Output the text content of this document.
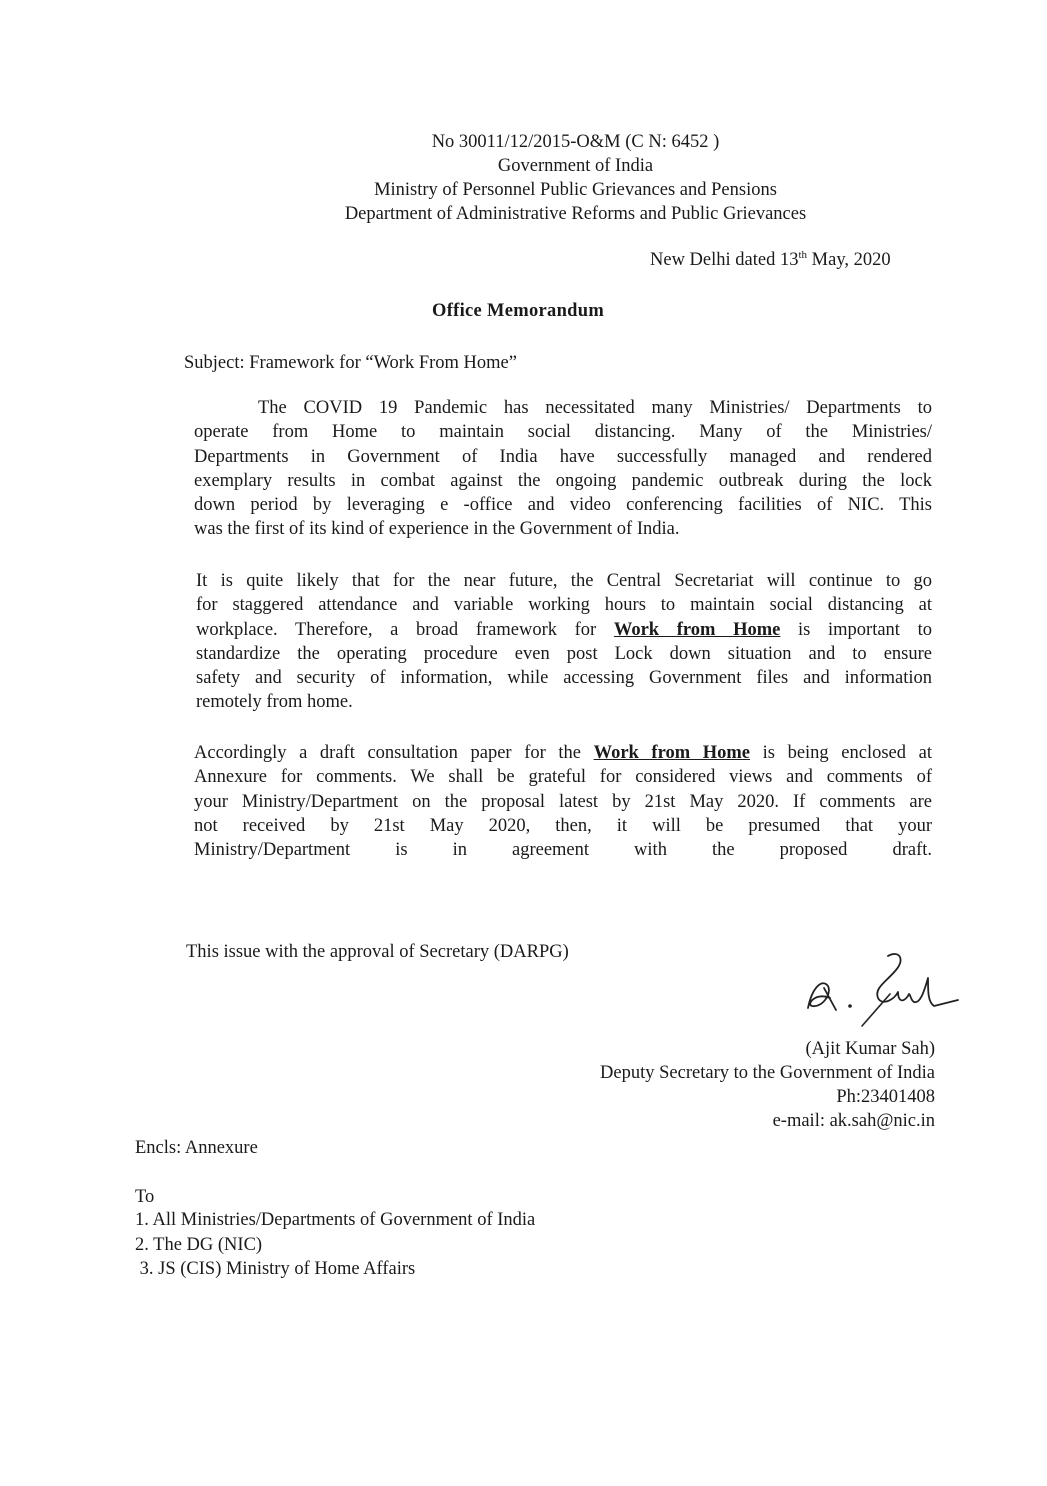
No 30011/12/2015-O&M (C N: 6452 )
Government of India
Ministry of Personnel Public Grievances and Pensions
Department of Administrative Reforms and Public Grievances
New Delhi dated 13th May, 2020
Office Memorandum
Subject: Framework for “Work From Home”
The COVID 19 Pandemic has necessitated many Ministries/ Departments to
operate from Home to maintain social distancing. Many of the Ministries/
Departments in Government of India have successfully managed and rendered
exemplary results in combat against the ongoing pandemic outbreak during the lock
down period by leveraging e -office and video conferencing facilities of NIC. This
was the first of its kind of experience in the Government of India.
It is quite likely that for the near future, the Central Secretariat will continue to go
for staggered attendance and variable working hours to maintain social distancing at
workplace. Therefore, a broad framework for Work from Home is important to
standardize the operating procedure even post Lock down situation and to ensure
safety and security of information, while accessing Government files and information
remotely from home.
Accordingly a draft consultation paper for the Work from Home is being enclosed at
Annexure for comments. We shall be grateful for considered views and comments of
your Ministry/Department on the proposal latest by 21st May 2020. If comments are
not received by 21st May 2020, then, it will be presumed that your
Ministry/Department is in agreement with the proposed draft.
This issue with the approval of Secretary (DARPG)
(Ajit Kumar Sah)
Deputy Secretary to the Government of India
Ph:23401408
e-mail: ak.sah@nic.in
Encls: Annexure
To
1. All Ministries/Departments of Government of India
2. The DG (NIC)
3. JS (CIS) Ministry of Home Affairs
